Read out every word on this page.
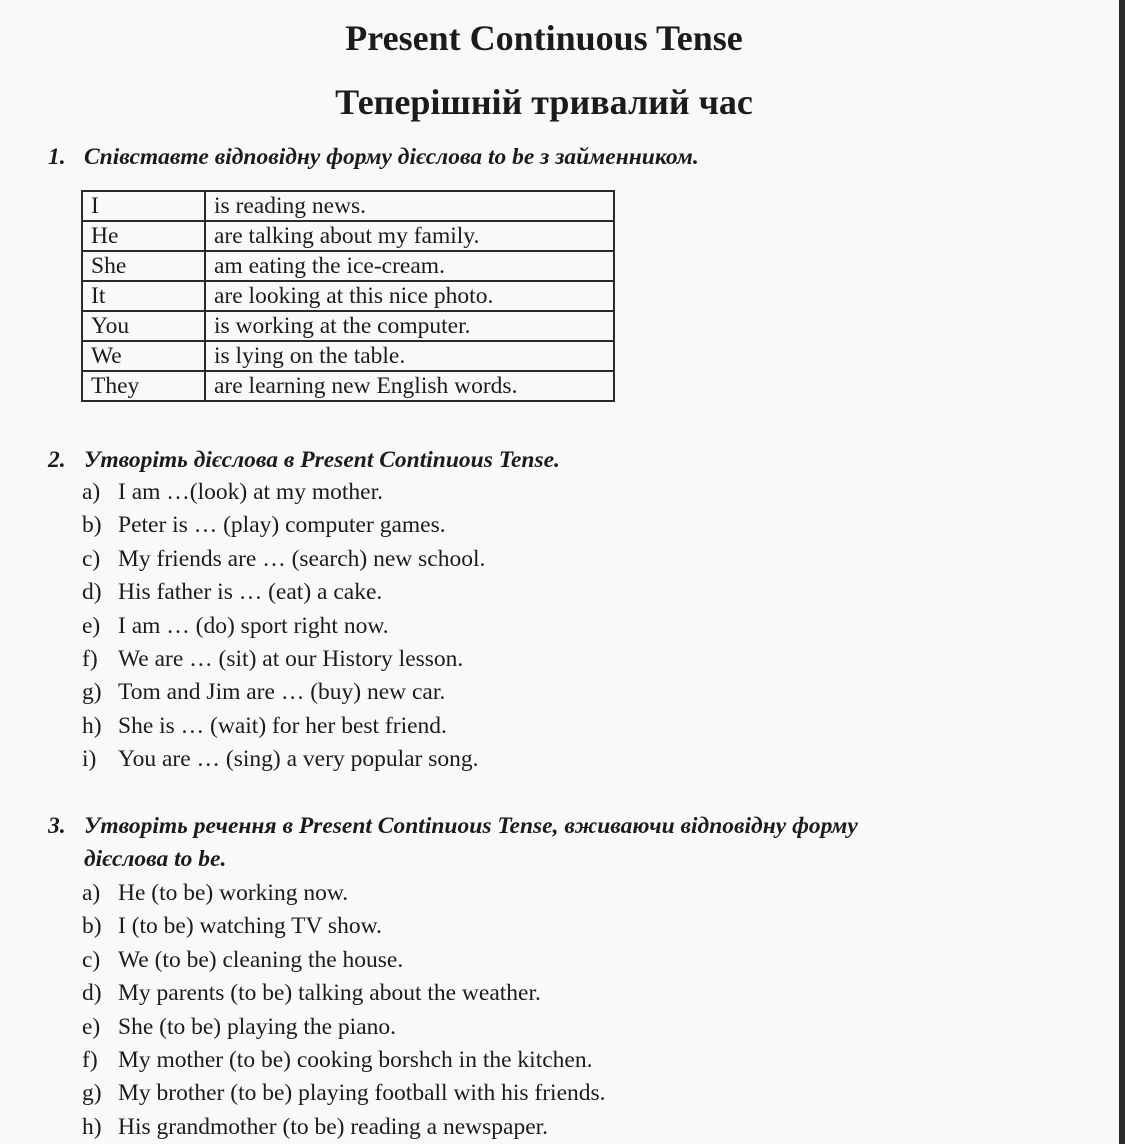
Present Continuous Tense
Теперішній тривалий час

1. Співставте відповідну форму дієслова to be з займенником.

I	is reading news.
He	are talking about my family.
She	am eating the ice-cream.
It	are looking at this nice photo.
You	is working at the computer.
We	is lying on the table.
They	are learning new English words.

2. Утворіть дієслова в Present Continuous Tense.

a) I am …(look) at my mother.
b) Peter is … (play) computer games.
c) My friends are … (search) new school.
d) His father is … (eat) a cake.
e) I am … (do) sport right now.
f) We are … (sit) at our History lesson.
g) Tom and Jim are … (buy) new car.
h) She is … (wait) for her best friend.
i) You are … (sing) a very popular song.

3. Утворіть речення в Present Continuous Tense, вживаючи відповідну форму
дієслова to be.

a) He (to be) working now.
b) I (to be) watching TV show.
c) We (to be) cleaning the house.
d) My parents (to be) talking about the weather.
e) She (to be) playing the piano.
f) My mother (to be) cooking borshch in the kitchen.
g) My brother (to be) playing football with his friends.
h) His grandmother (to be) reading a newspaper.
